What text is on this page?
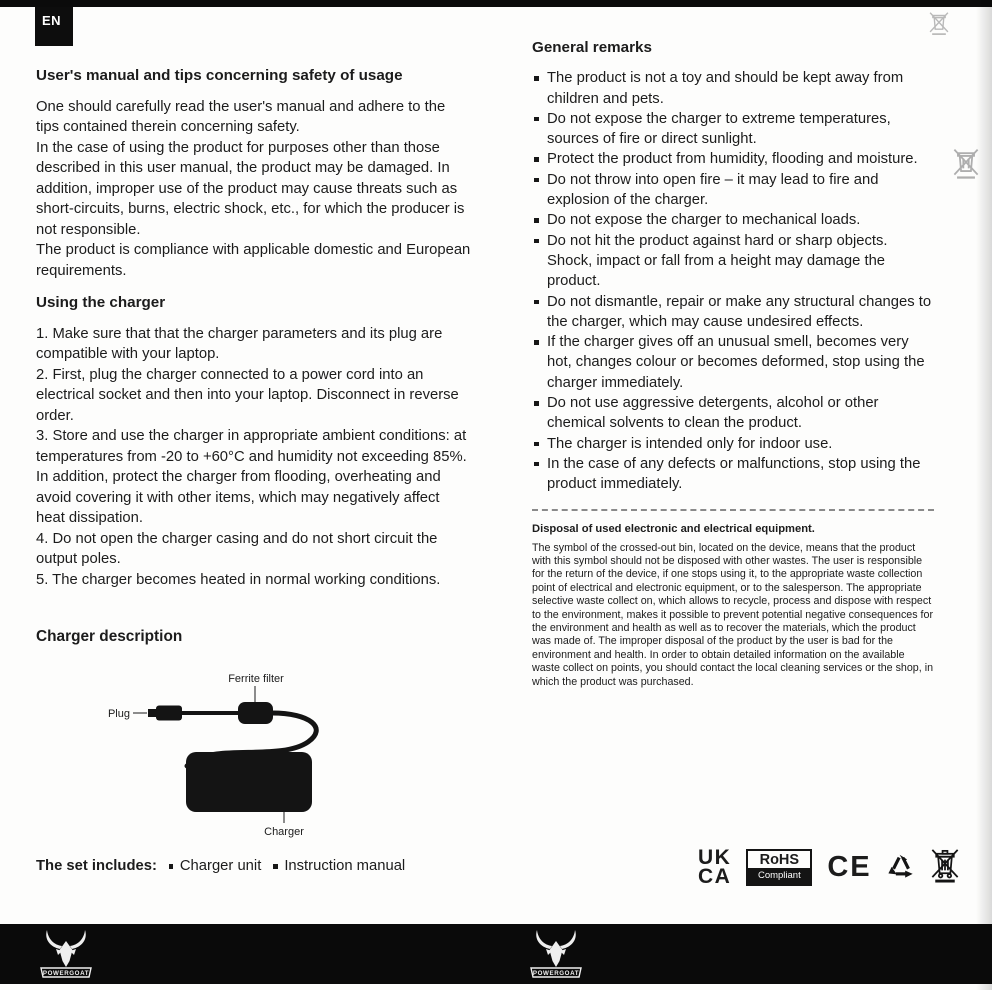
EN
User's manual and tips concerning safety of usage

One should carefully read the user's manual and adhere to the tips contained therein concerning safety.

In the case of using the product for purposes other than those described in this user manual, the product may be damaged. In addition, improper use of the product may cause threats such as short-circuits, burns, electric shock, etc., for which the producer is not responsible.

The product is compliance with applicable domestic and European requirements.

Using the charger

1. Make sure that that the charger parameters and its plug are compatible with your laptop.

2. First, plug the charger connected to a power cord into an electrical socket and then into your laptop. Disconnect in reverse order.

3. Store and use the charger in appropriate ambient conditions: at temperatures from -20 to +60°C and humidity not exceeding 85%. In addition, protect the charger from flooding, overheating and avoid covering it with other items, which may negatively affect heat dissipation.

4. Do not open the charger casing and do not short circuit the output poles.

5. The charger becomes heated in normal working conditions.

Charger description
Ferrite filter
Plug
Charger
The set includes: Charger unit Instruction manual
General remarks

The product is not a toy and should be kept away from children and pets.

Do not expose the charger to extreme temperatures, sources of fire or direct sunlight.

Protect the product from humidity, flooding and moisture.

Do not throw into open fire – it may lead to fire and explosion of the charger.

Do not expose the charger to mechanical loads.

Do not hit the product against hard or sharp objects. Shock, impact or fall from a height may damage the product.

Do not dismantle, repair or make any structural changes to the charger, which may cause undesired effects.

If the charger gives off an unusual smell, becomes very hot, changes colour or becomes deformed, stop using the charger immediately.

Do not use aggressive detergents, alcohol or other chemical solvents to clean the product.

The charger is intended only for indoor use.

In the case of any defects or malfunctions, stop using the product immediately.

Disposal of used electronic and electrical equipment.

The symbol of the crossed-out bin, located on the device, means that the product with this symbol should not be disposed with other wastes. The user is responsible for the return of the device, if one stops using it, to the appropriate waste collection point of electrical and electronic equipment, or to the salesperson. The appropriate selective waste collect on, which allows to recycle, process and dispose with respect to the environment, makes it possible to prevent potential negative consequences for the environment and health as well as to recover the materials, which the product was made of. The improper disposal of the product by the user is bad for the environment and health. In order to obtain detailed information on the available waste collect on points, you should contact the local cleaning services or the shop, in which the product was purchased.

UK
CA
RoHS
Compliant CE
POWERGOAT	POWERGOAT
